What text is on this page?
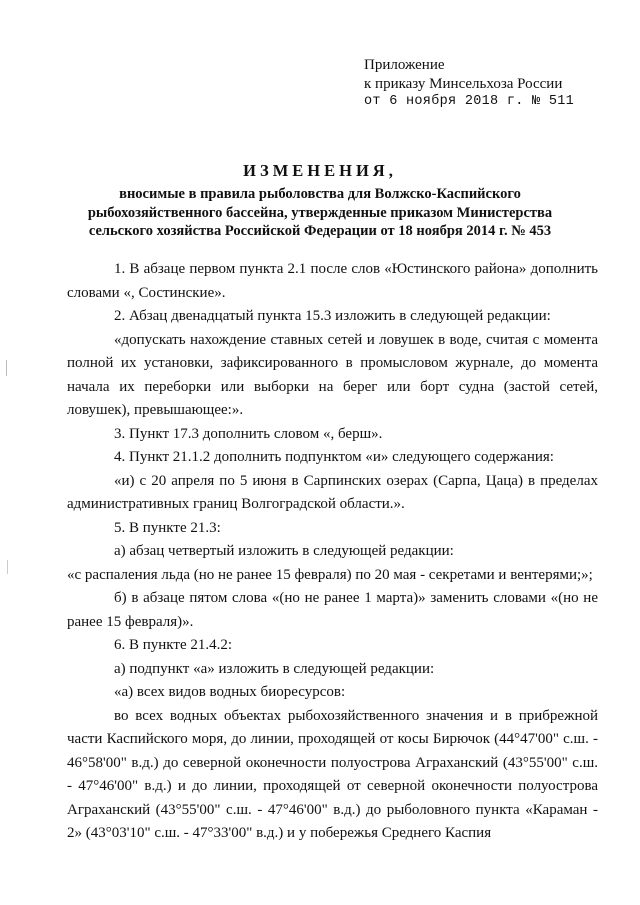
Приложение
к приказу Минсельхоза России
от 6 ноября 2018 г. № 511
ИЗМЕНЕНИЯ,
вносимые в правила рыболовства для Волжско-Каспийского рыбохозяйственного бассейна, утвержденные приказом Министерства сельского хозяйства Российской Федерации от 18 ноября 2014 г. № 453

1. В абзаце первом пункта 2.1 после слов «Юстинского района» дополнить словами «, Состинские».

2. Абзац двенадцатый пункта 15.3 изложить в следующей редакции:

«допускать нахождение ставных сетей и ловушек в воде, считая с момента полной их установки, зафиксированного в промысловом журнале, до момента начала их переборки или выборки на берег или борт судна (застой сетей, ловушек), превышающее:».

3. Пункт 17.3 дополнить словом «, берш».

4. Пункт 21.1.2 дополнить подпунктом «и» следующего содержания:

«и) с 20 апреля по 5 июня в Сарпинских озерах (Сарпа, Цаца) в пределах административных границ Волгоградской области.».

5. В пункте 21.3:

а) абзац четвертый изложить в следующей редакции:

«с распаления льда (но не ранее 15 февраля) по 20 мая - секретами и вентерями;»;

б) в абзаце пятом слова «(но не ранее 1 марта)» заменить словами «(но не ранее 15 февраля)».

6. В пункте 21.4.2:

а) подпункт «а» изложить в следующей редакции:

«а) всех видов водных биоресурсов:

во всех водных объектах рыбохозяйственного значения и в прибрежной части Каспийского моря, до линии, проходящей от косы Бирючок (44°47'00" с.ш. - 46°58'00" в.д.) до северной оконечности полуострова Аграханский (43°55'00" с.ш. - 47°46'00" в.д.) и до линии, проходящей от северной оконечности полуострова Аграханский (43°55'00" с.ш. - 47°46'00" в.д.) до рыболовного пункта «Караман - 2» (43°03'10" с.ш. - 47°33'00" в.д.) и у побережья Среднего Каспия
